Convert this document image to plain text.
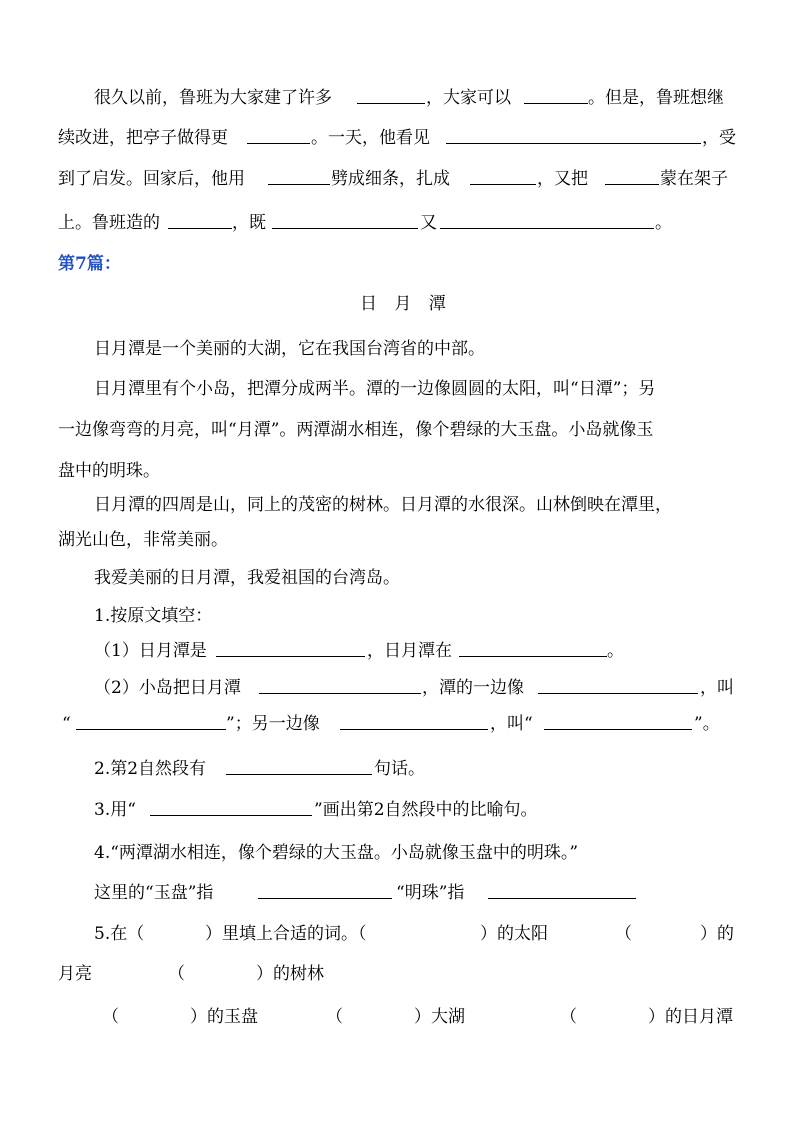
很久以前，鲁班为大家建了许多	，大家可以	。但是，鲁班想继
续改进，把亭子做得更	。一天，他看见	，受
到了启发。回家后，他用	劈成细条，扎成	，又把	蒙在架子
上。鲁班造的	，既	又	。
第7篇：
日 月 潭
日月潭是一个美丽的大湖，它在我国台湾省的中部。
日月潭里有个小岛，把潭分成两半。潭的一边像圆圆的太阳，叫“日潭”；另
一边像弯弯的月亮，叫“月潭”。两潭湖水相连，像个碧绿的大玉盘。小岛就像玉
盘中的明珠。
日月潭的四周是山，同上的茂密的树林。日月潭的水很深。山林倒映在潭里，
湖光山色，非常美丽。
我爱美丽的日月潭，我爱祖国的台湾岛。
1.按原文填空：
（1）日月潭是	，日月潭在	。
（2）小岛把日月潭	，潭的一边像	，叫
“	”；另一边像	，叫“	”。
2.第2自然段有	句话。
3.用“	”画出第2自然段中的比喻句。
4.“两潭湖水相连，像个碧绿的大玉盘。小岛就像玉盘中的明珠。”
这里的“玉盘”指	“明珠”指
5.在（	）里填上合适的词。（	）的太阳	（	）的
月亮	（	）的树林
（	）的玉盘	（	）大湖	（	）的日月潭
